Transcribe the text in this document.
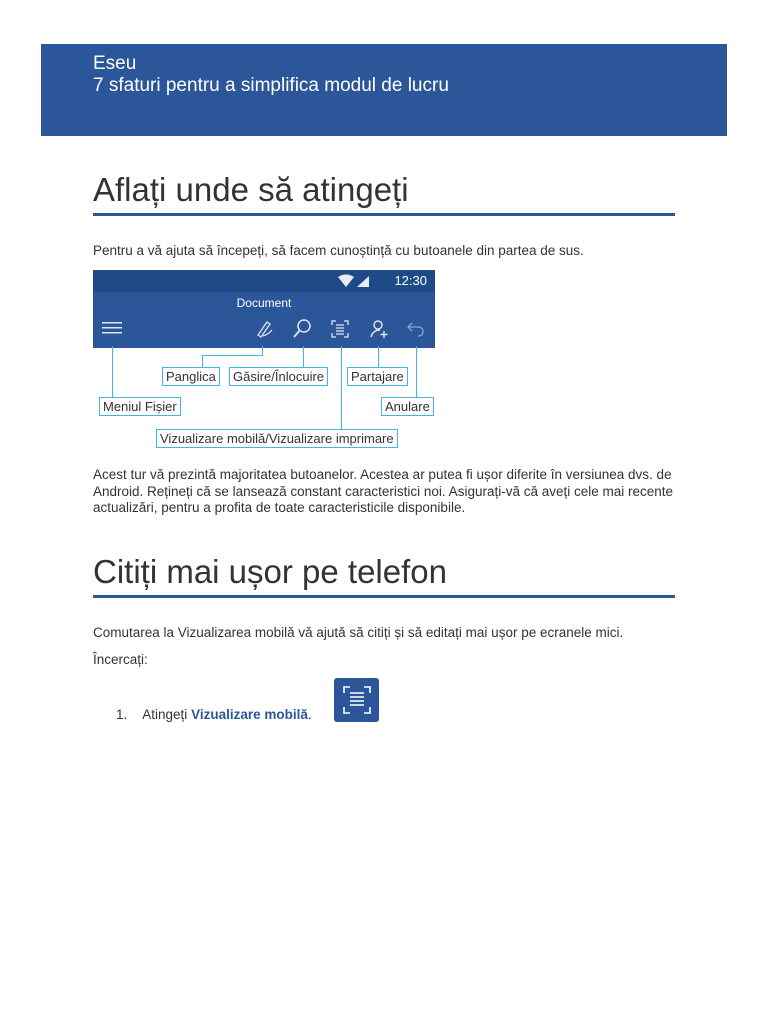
Eseu
7 sfaturi pentru a simplifica modul de lucru
Aflați unde să atingeți

Pentru a vă ajuta să începeți, să facem cunoștință cu butoanele din partea de sus.

12:30
Document
Panglica	Găsire/Înlocuire	Partajare
Meniul Fișier	Anulare
Vizualizare mobilă/Vizualizare imprimare

Acest tur vă prezintă majoritatea butoanelor. Acestea ar putea fi ușor diferite în versiunea dvs. de Android. Rețineți că se lansează constant caracteristici noi. Asigurați-vă că aveți cele mai recente actualizări, pentru a profita de toate caracteristicile disponibile.

Citiți mai ușor pe telefon

Comutarea la Vizualizarea mobilă vă ajută să citiți și să editați mai ușor pe ecranele mici.

Încercați:

1. Atingeți Vizualizare mobilă.
